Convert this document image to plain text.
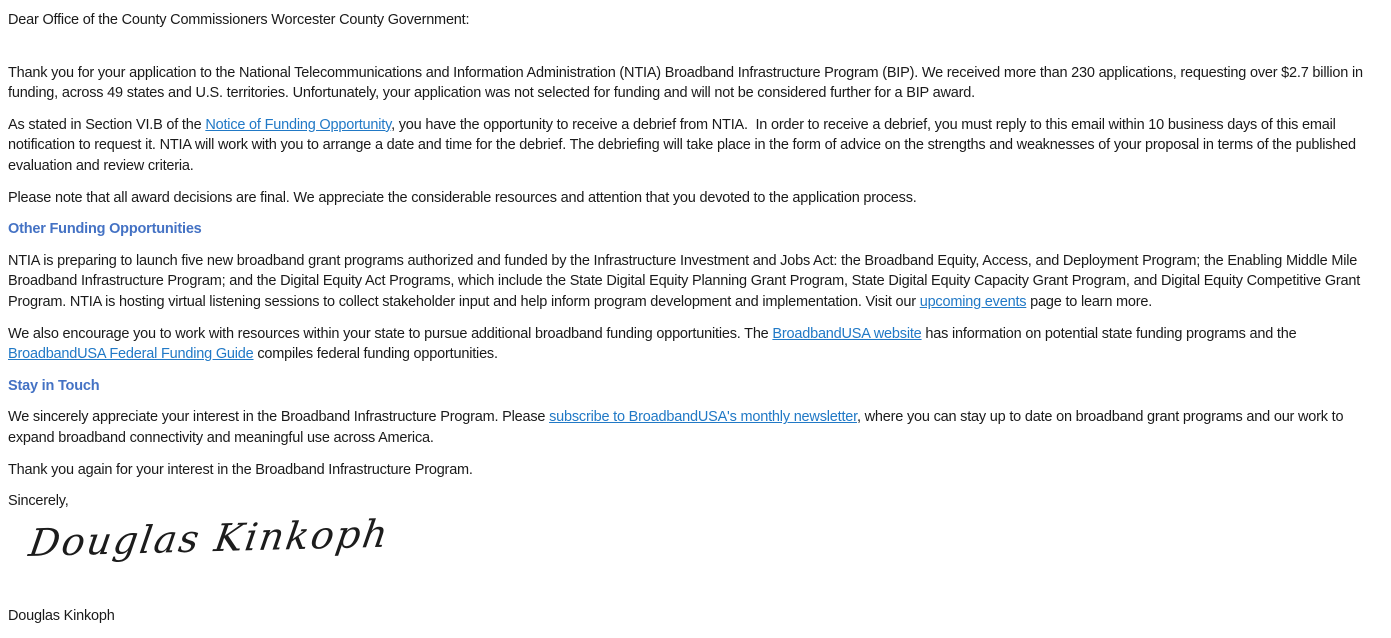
Dear Office of the County Commissioners Worcester County Government:
Thank you for your application to the National Telecommunications and Information Administration (NTIA) Broadband Infrastructure Program (BIP). We received more than 230 applications, requesting over $2.7 billion in funding, across 49 states and U.S. territories. Unfortunately, your application was not selected for funding and will not be considered further for a BIP award.
As stated in Section VI.B of the Notice of Funding Opportunity, you have the opportunity to receive a debrief from NTIA.  In order to receive a debrief, you must reply to this email within 10 business days of this email notification to request it. NTIA will work with you to arrange a date and time for the debrief. The debriefing will take place in the form of advice on the strengths and weaknesses of your proposal in terms of the published evaluation and review criteria.
Please note that all award decisions are final. We appreciate the considerable resources and attention that you devoted to the application process.
Other Funding Opportunities
NTIA is preparing to launch five new broadband grant programs authorized and funded by the Infrastructure Investment and Jobs Act: the Broadband Equity, Access, and Deployment Program; the Enabling Middle Mile Broadband Infrastructure Program; and the Digital Equity Act Programs, which include the State Digital Equity Planning Grant Program, State Digital Equity Capacity Grant Program, and Digital Equity Competitive Grant Program. NTIA is hosting virtual listening sessions to collect stakeholder input and help inform program development and implementation. Visit our upcoming events page to learn more.
We also encourage you to work with resources within your state to pursue additional broadband funding opportunities. The BroadbandUSA website has information on potential state funding programs and the BroadbandUSA Federal Funding Guide compiles federal funding opportunities.
Stay in Touch
We sincerely appreciate your interest in the Broadband Infrastructure Program. Please subscribe to BroadbandUSA's monthly newsletter, where you can stay up to date on broadband grant programs and our work to expand broadband connectivity and meaningful use across America.
Thank you again for your interest in the Broadband Infrastructure Program.
Sincerely,
Douglas Kinkoph
Douglas Kinkoph
